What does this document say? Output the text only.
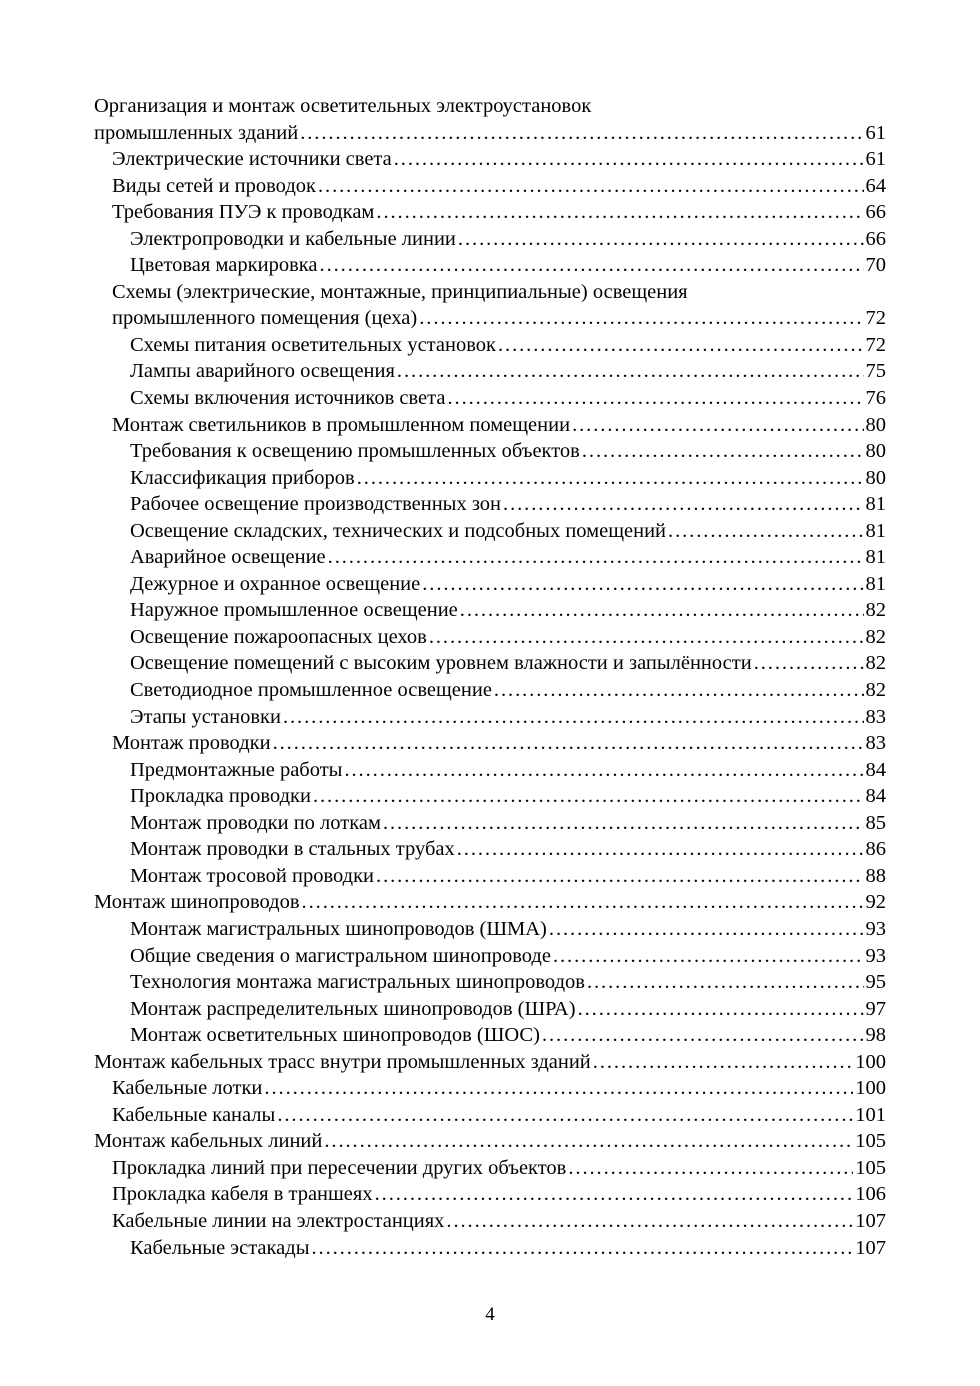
Организация и монтаж осветительных электроустановок
промышленных зданий . . .	61
Электрические источники света . . .	61
Виды сетей и проводок . . .	64
Требования ПУЭ к проводкам . . .	66
Электропроводки и кабельные линии . . .	66
Цветовая маркировка . . .	70
Схемы (электрические, монтажные, принципиальные) освещения
промышленного помещения (цеха) . . .	72
Схемы питания осветительных установок . . .	72
Лампы аварийного освещения . . .	75
Схемы включения источников света . . .	76
Монтаж светильников в промышленном помещении . . .	80
Требования к освещению промышленных объектов . . .	80
Классификация приборов . . .	80
Рабочее освещение производственных зон . . .	81
Освещение складских, технических и подсобных помещений . . .	81
Аварийное освещение . . .	81
Дежурное и охранное освещение . . .	81
Наружное промышленное освещение . . .	82
Освещение пожароопасных цехов . . .	82
Освещение помещений с высоким уровнем влажности и запылённости . . .	82
Светодиодное промышленное освещение . . .	82
Этапы установки . . .	83
Монтаж проводки . . .	83
Предмонтажные работы . . .	84
Прокладка проводки . . .	84
Монтаж проводки по лоткам . . .	85
Монтаж проводки в стальных трубах . . .	86
Монтаж тросовой проводки . . .	88
Монтаж шинопроводов . . .	92
Монтаж магистральных шинопроводов (ШМА) . . .	93
Общие сведения о магистральном шинопроводе . . .	93
Технология монтажа магистральных шинопроводов . . .	95
Монтаж распределительных шинопроводов (ШРА) . . .	97
Монтаж осветительных шинопроводов (ШОС) . . .	98
Монтаж кабельных трасс внутри промышленных зданий . . .	100
Кабельные лотки . . .	100
Кабельные каналы . . .	101
Монтаж кабельных линий . . .	105
Прокладка линий при пересечении других объектов . . .	105
Прокладка кабеля в траншеях . . .	106
Кабельные линии на электростанциях . . .	107
Кабельные эстакады . . .	107
4
